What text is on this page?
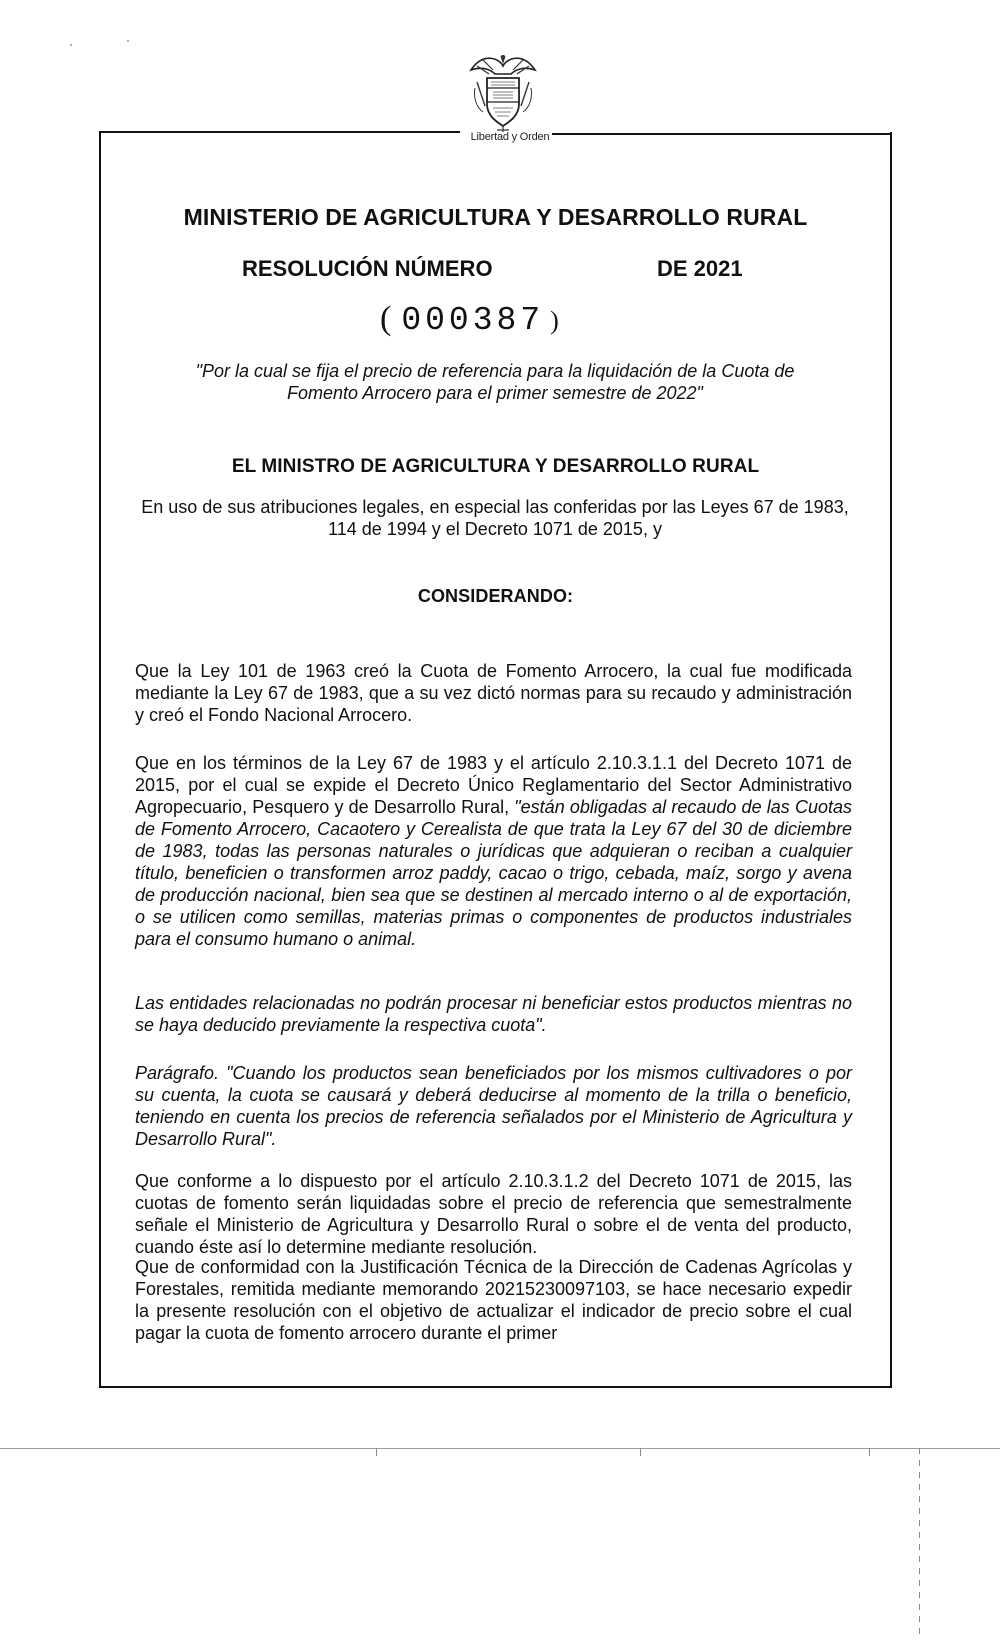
Libertad y Orden
MINISTERIO DE AGRICULTURA Y DESARROLLO RURAL
RESOLUCIÓN NÚMERO	DE 2021
( 000387 )
"Por la cual se fija el precio de referencia para la liquidación de la Cuota de Fomento Arrocero para el primer semestre de 2022"
EL MINISTRO DE AGRICULTURA Y DESARROLLO RURAL
En uso de sus atribuciones legales, en especial las conferidas por las Leyes 67 de 1983, 114 de 1994 y el Decreto 1071 de 2015, y
CONSIDERANDO:
Que la Ley 101 de 1963 creó la Cuota de Fomento Arrocero, la cual fue modificada mediante la Ley 67 de 1983, que a su vez dictó normas para su recaudo y administración y creó el Fondo Nacional Arrocero.
Que en los términos de la Ley 67 de 1983 y el artículo 2.10.3.1.1 del Decreto 1071 de 2015, por el cual se expide el Decreto Único Reglamentario del Sector Administrativo Agropecuario, Pesquero y de Desarrollo Rural, "están obligadas al recaudo de las Cuotas de Fomento Arrocero, Cacaotero y Cerealista de que trata la Ley 67 del 30 de diciembre de 1983, todas las personas naturales o jurídicas que adquieran o reciban a cualquier título, beneficien o transformen arroz paddy, cacao o trigo, cebada, maíz, sorgo y avena de producción nacional, bien sea que se destinen al mercado interno o al de exportación, o se utilicen como semillas, materias primas o componentes de productos industriales para el consumo humano o animal.
Las entidades relacionadas no podrán procesar ni beneficiar estos productos mientras no se haya deducido previamente la respectiva cuota".
Parágrafo. "Cuando los productos sean beneficiados por los mismos cultivadores o por su cuenta, la cuota se causará y deberá deducirse al momento de la trilla o beneficio, teniendo en cuenta los precios de referencia señalados por el Ministerio de Agricultura y Desarrollo Rural".
Que conforme a lo dispuesto por el artículo 2.10.3.1.2 del Decreto 1071 de 2015, las cuotas de fomento serán liquidadas sobre el precio de referencia que semestralmente señale el Ministerio de Agricultura y Desarrollo Rural o sobre el de venta del producto, cuando éste así lo determine mediante resolución.
Que de conformidad con la Justificación Técnica de la Dirección de Cadenas Agrícolas y Forestales, remitida mediante memorando 20215230097103, se hace necesario expedir la presente resolución con el objetivo de actualizar el indicador de precio sobre el cual pagar la cuota de fomento arrocero durante el primer
